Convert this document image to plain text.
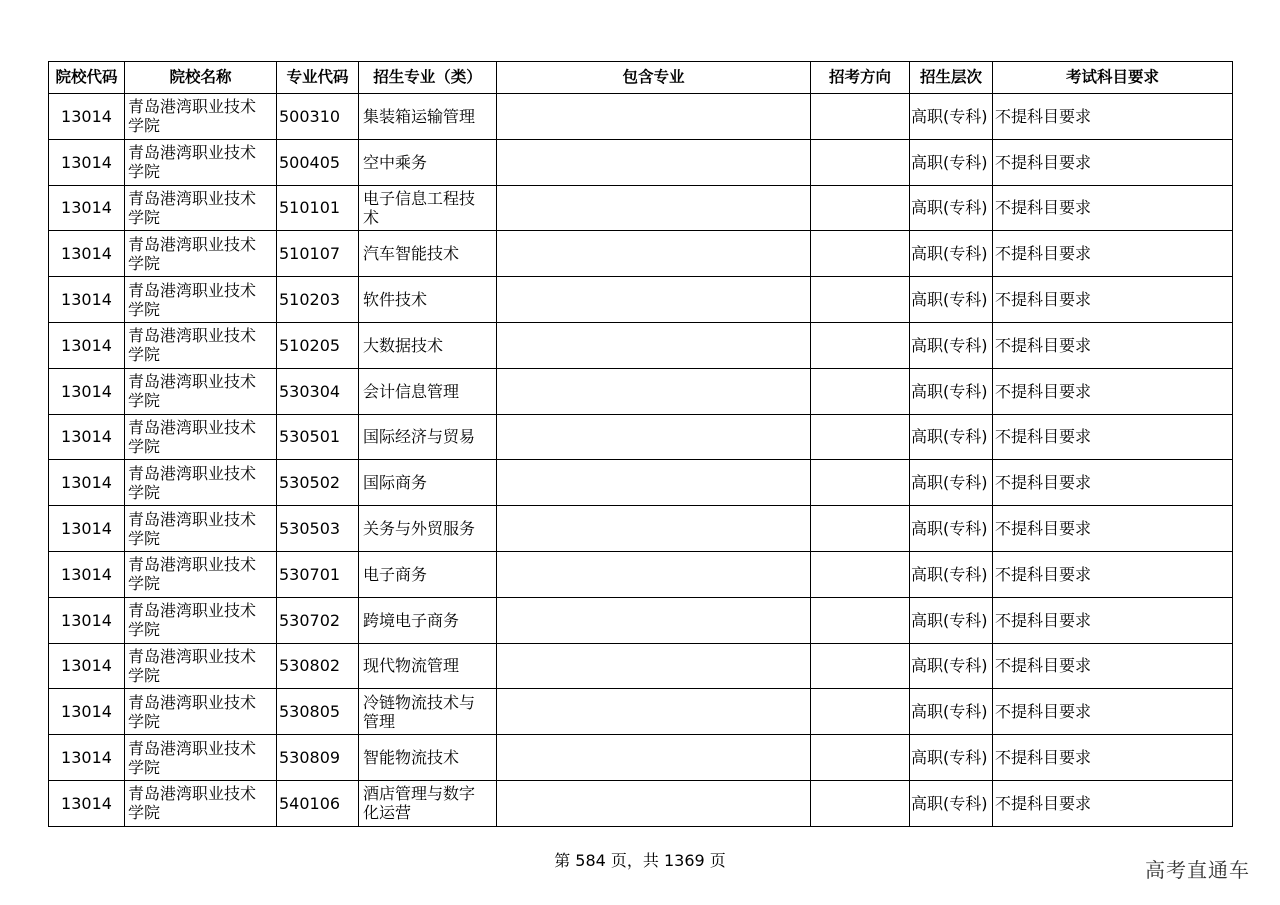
院校代码	院校名称	专业代码	招生专业（类）	包含专业	招考方向	招生层次	考试科目要求
13014	青岛港湾职业技术学院	500310	集装箱运输管理			高职(专科)	不提科目要求
13014	青岛港湾职业技术学院	500405	空中乘务			高职(专科)	不提科目要求
13014	青岛港湾职业技术学院	510101	电子信息工程技术			高职(专科)	不提科目要求
13014	青岛港湾职业技术学院	510107	汽车智能技术			高职(专科)	不提科目要求
13014	青岛港湾职业技术学院	510203	软件技术			高职(专科)	不提科目要求
13014	青岛港湾职业技术学院	510205	大数据技术			高职(专科)	不提科目要求
13014	青岛港湾职业技术学院	530304	会计信息管理			高职(专科)	不提科目要求
13014	青岛港湾职业技术学院	530501	国际经济与贸易			高职(专科)	不提科目要求
13014	青岛港湾职业技术学院	530502	国际商务			高职(专科)	不提科目要求
13014	青岛港湾职业技术学院	530503	关务与外贸服务			高职(专科)	不提科目要求
13014	青岛港湾职业技术学院	530701	电子商务			高职(专科)	不提科目要求
13014	青岛港湾职业技术学院	530702	跨境电子商务			高职(专科)	不提科目要求
13014	青岛港湾职业技术学院	530802	现代物流管理			高职(专科)	不提科目要求
13014	青岛港湾职业技术学院	530805	冷链物流技术与管理			高职(专科)	不提科目要求
13014	青岛港湾职业技术学院	530809	智能物流技术			高职(专科)	不提科目要求
13014	青岛港湾职业技术学院	540106	酒店管理与数字化运营			高职(专科)	不提科目要求
第 584 页，共 1369 页	高考直通车
